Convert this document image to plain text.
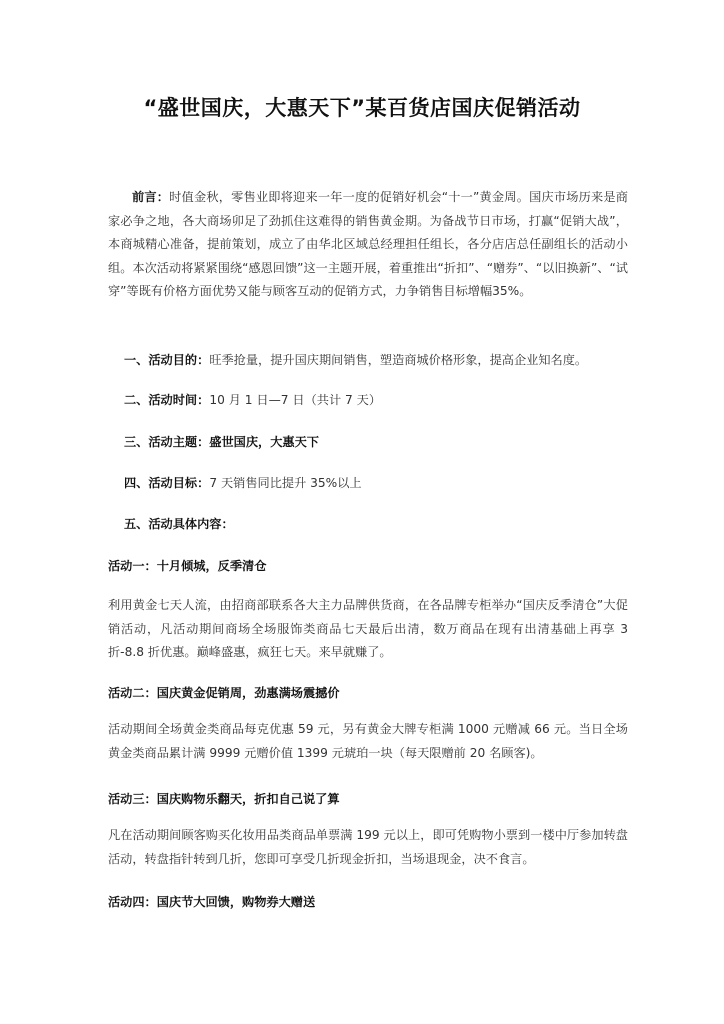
“盛世国庆，大惠天下”某百货店国庆促销活动

前言：时值金秋，零售业即将迎来一年一度的促销好机会“十一”黄金周。国庆市场历来是商家必争之地，各大商场卯足了劲抓住这难得的销售黄金期。为备战节日市场，打赢“促销大战”，本商城精心准备，提前策划，成立了由华北区域总经理担任组长，各分店店总任副组长的活动小组。本次活动将紧紧围绕“感恩回馈”这一主题开展，着重推出“折扣”、“赠券”、“以旧换新”、“试穿”等既有价格方面优势又能与顾客互动的促销方式，力争销售目标增幅35%。

一、活动目的：旺季抢量，提升国庆期间销售，塑造商城价格形象，提高企业知名度。
二、活动时间：10 月 1 日—7 日（共计 7 天）
三、活动主题：盛世国庆，大惠天下
四、活动目标：7 天销售同比提升 35%以上
五、活动具体内容：
活动一：十月倾城，反季清仓

利用黄金七天人流，由招商部联系各大主力品牌供货商，在各品牌专柜举办“国庆反季清仓”大促销活动，凡活动期间商场全场服饰类商品七天最后出清，数万商品在现有出清基础上再享 3 折-8.8 折优惠。巅峰盛惠，疯狂七天。来早就赚了。

活动二：国庆黄金促销周，劲惠满场震撼价

活动期间全场黄金类商品每克优惠 59 元，另有黄金大牌专柜满 1000 元赠减 66 元。当日全场黄金类商品累计满 9999 元赠价值 1399 元琥珀一块（每天限赠前 20 名顾客)。

活动三：国庆购物乐翻天，折扣自己说了算

凡在活动期间顾客购买化妆用品类商品单票满 199 元以上，即可凭购物小票到一楼中厅参加转盘活动，转盘指针转到几折，您即可享受几折现金折扣，当场退现金，决不食言。

活动四：国庆节大回馈，购物券大赠送
